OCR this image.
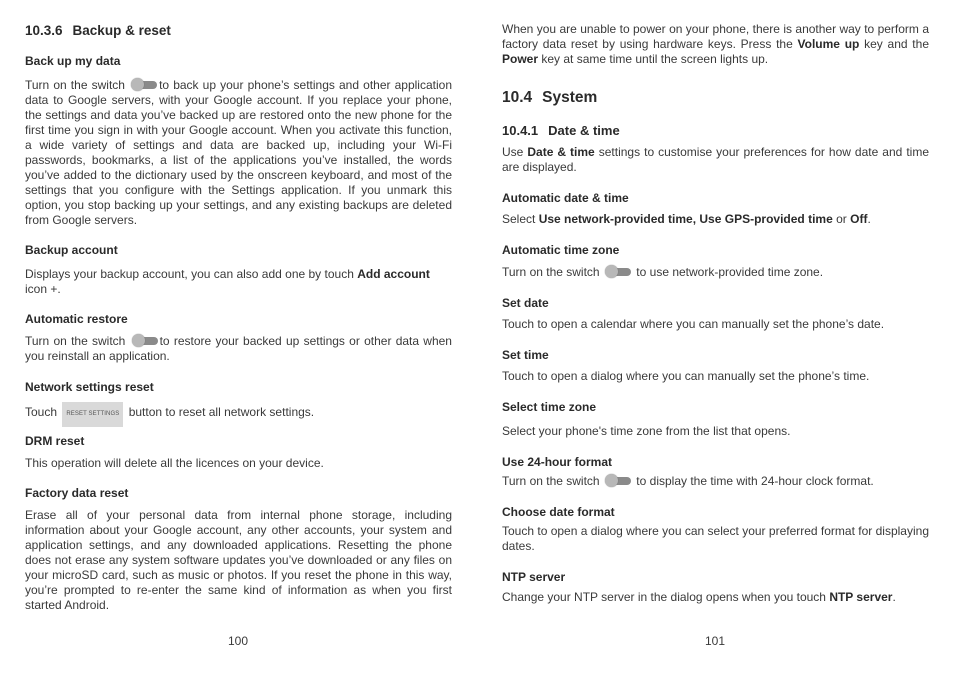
10.3.6 Backup & reset
Back up my data
Turn on the switch	to back up your phone’s settings and other application data to Google servers, with your Google account. If you replace your phone, the settings and data you’ve backed up are restored onto the new phone for the first time you sign in with your Google account. When you activate this function, a wide variety of settings and data are backed up, including your Wi-Fi passwords, bookmarks, a list of the applications you’ve installed, the words you’ve added to the dictionary used by the onscreen keyboard, and most of the settings that you configure with the Settings application. If you unmark this option, you stop backing up your settings, and any existing backups are deleted from Google servers.
Backup account
Displays your backup account, you can also add one by touch Add account icon +.
Automatic restore
Turn on the switch	to restore your backed up settings or other data when you reinstall an application.
Network settings reset
Touch RESET SETTINGS button to reset all network settings.
DRM reset
This operation will delete all the licences on your device.
Factory data reset
Erase all of your personal data from internal phone storage, including information about your Google account, any other accounts, your system and application settings, and any downloaded applications. Resetting the phone does not erase any system software updates you’ve downloaded or any files on your microSD card, such as music or photos. If you reset the phone in this way, you’re prompted to re-enter the same kind of information as when you first started Android.
100
When you are unable to power on your phone, there is another way to perform a factory data reset by using hardware keys. Press the Volume up key and the Power key at same time until the screen lights up.
10.4 System
10.4.1 Date & time
Use Date & time settings to customise your preferences for how date and time are displayed.
Automatic date & time
Select Use network-provided time, Use GPS-provided time or Off.
Automatic time zone
Turn on the switch	to use network-provided time zone.
Set date
Touch to open a calendar where you can manually set the phone’s date.
Set time
Touch to open a dialog where you can manually set the phone’s time.
Select time zone
Select your phone's time zone from the list that opens.
Use 24-hour format
Turn on the switch	to display the time with 24-hour clock format.
Choose date format
Touch to open a dialog where you can select your preferred format for displaying dates.
NTP server
Change your NTP server in the dialog opens when you touch NTP server.
101
